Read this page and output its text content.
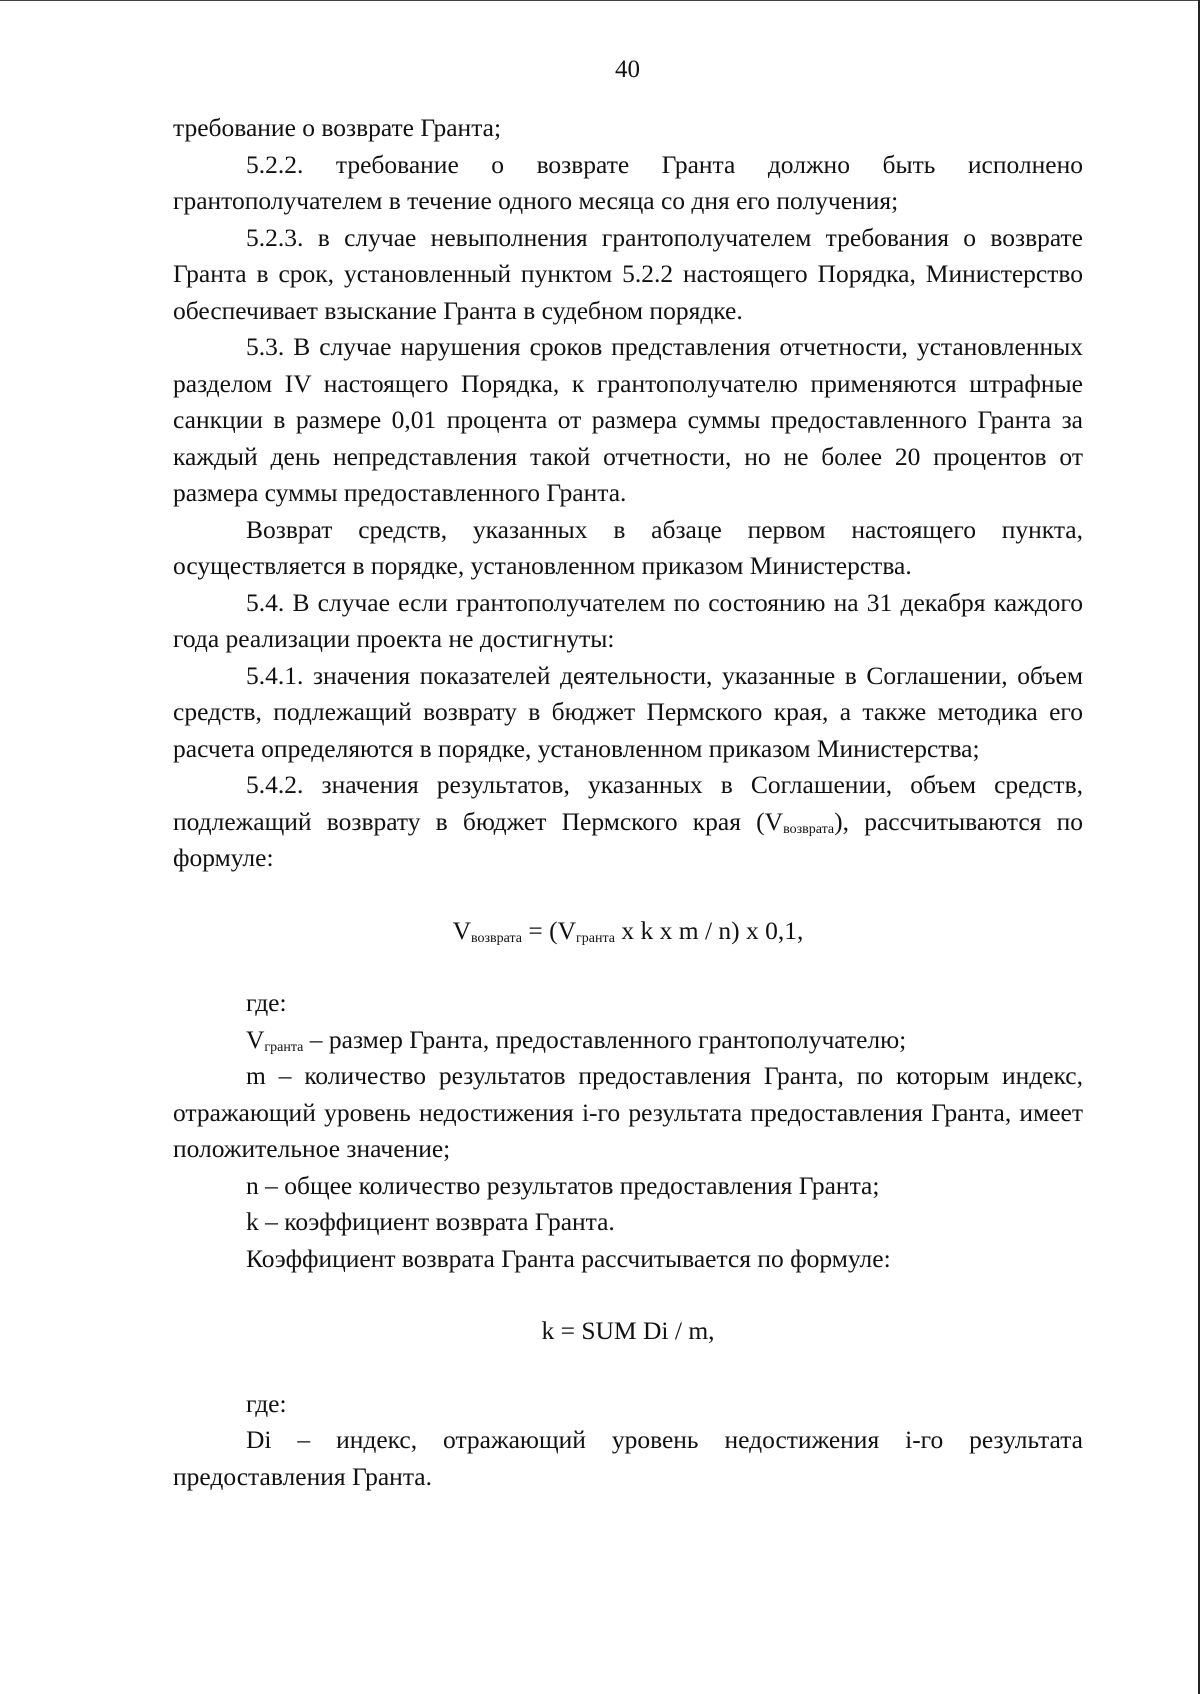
40

требование о возврате Гранта;

5.2.2. требование о возврате Гранта должно быть исполнено грантополучателем в течение одного месяца со дня его получения;

5.2.3. в случае невыполнения грантополучателем требования о возврате Гранта в срок, установленный пунктом 5.2.2 настоящего Порядка, Министерство обеспечивает взыскание Гранта в судебном порядке.

5.3. В случае нарушения сроков представления отчетности, установленных разделом IV настоящего Порядка, к грантополучателю применяются штрафные санкции в размере 0,01 процента от размера суммы предоставленного Гранта за каждый день непредставления такой отчетности, но не более 20 процентов от размера суммы предоставленного Гранта.

Возврат средств, указанных в абзаце первом настоящего пункта, осуществляется в порядке, установленном приказом Министерства.

5.4. В случае если грантополучателем по состоянию на 31 декабря каждого года реализации проекта не достигнуты:

5.4.1. значения показателей деятельности, указанные в Соглашении, объем средств, подлежащий возврату в бюджет Пермского края, а также методика его расчета определяются в порядке, установленном приказом Министерства;

5.4.2. значения результатов, указанных в Соглашении, объем средств, подлежащий возврату в бюджет Пермского края $(V_{возврата})$, рассчитываются по формуле:

$V_{возврата} = (V_{гранта}$ x k x m / n) x 0,1,

где:

$V_{гранта}$ – размер Гранта, предоставленного грантополучателю;

m – количество результатов предоставления Гранта, по которым индекс, отражающий уровень недостижения i-го результата предоставления Гранта, имеет положительное значение;

n – общее количество результатов предоставления Гранта;

k – коэффициент возврата Гранта.

Коэффициент возврата Гранта рассчитывается по формуле:

k = SUM Di / m,

где:

Di – индекс, отражающий уровень недостижения i-го результата предоставления Гранта.
